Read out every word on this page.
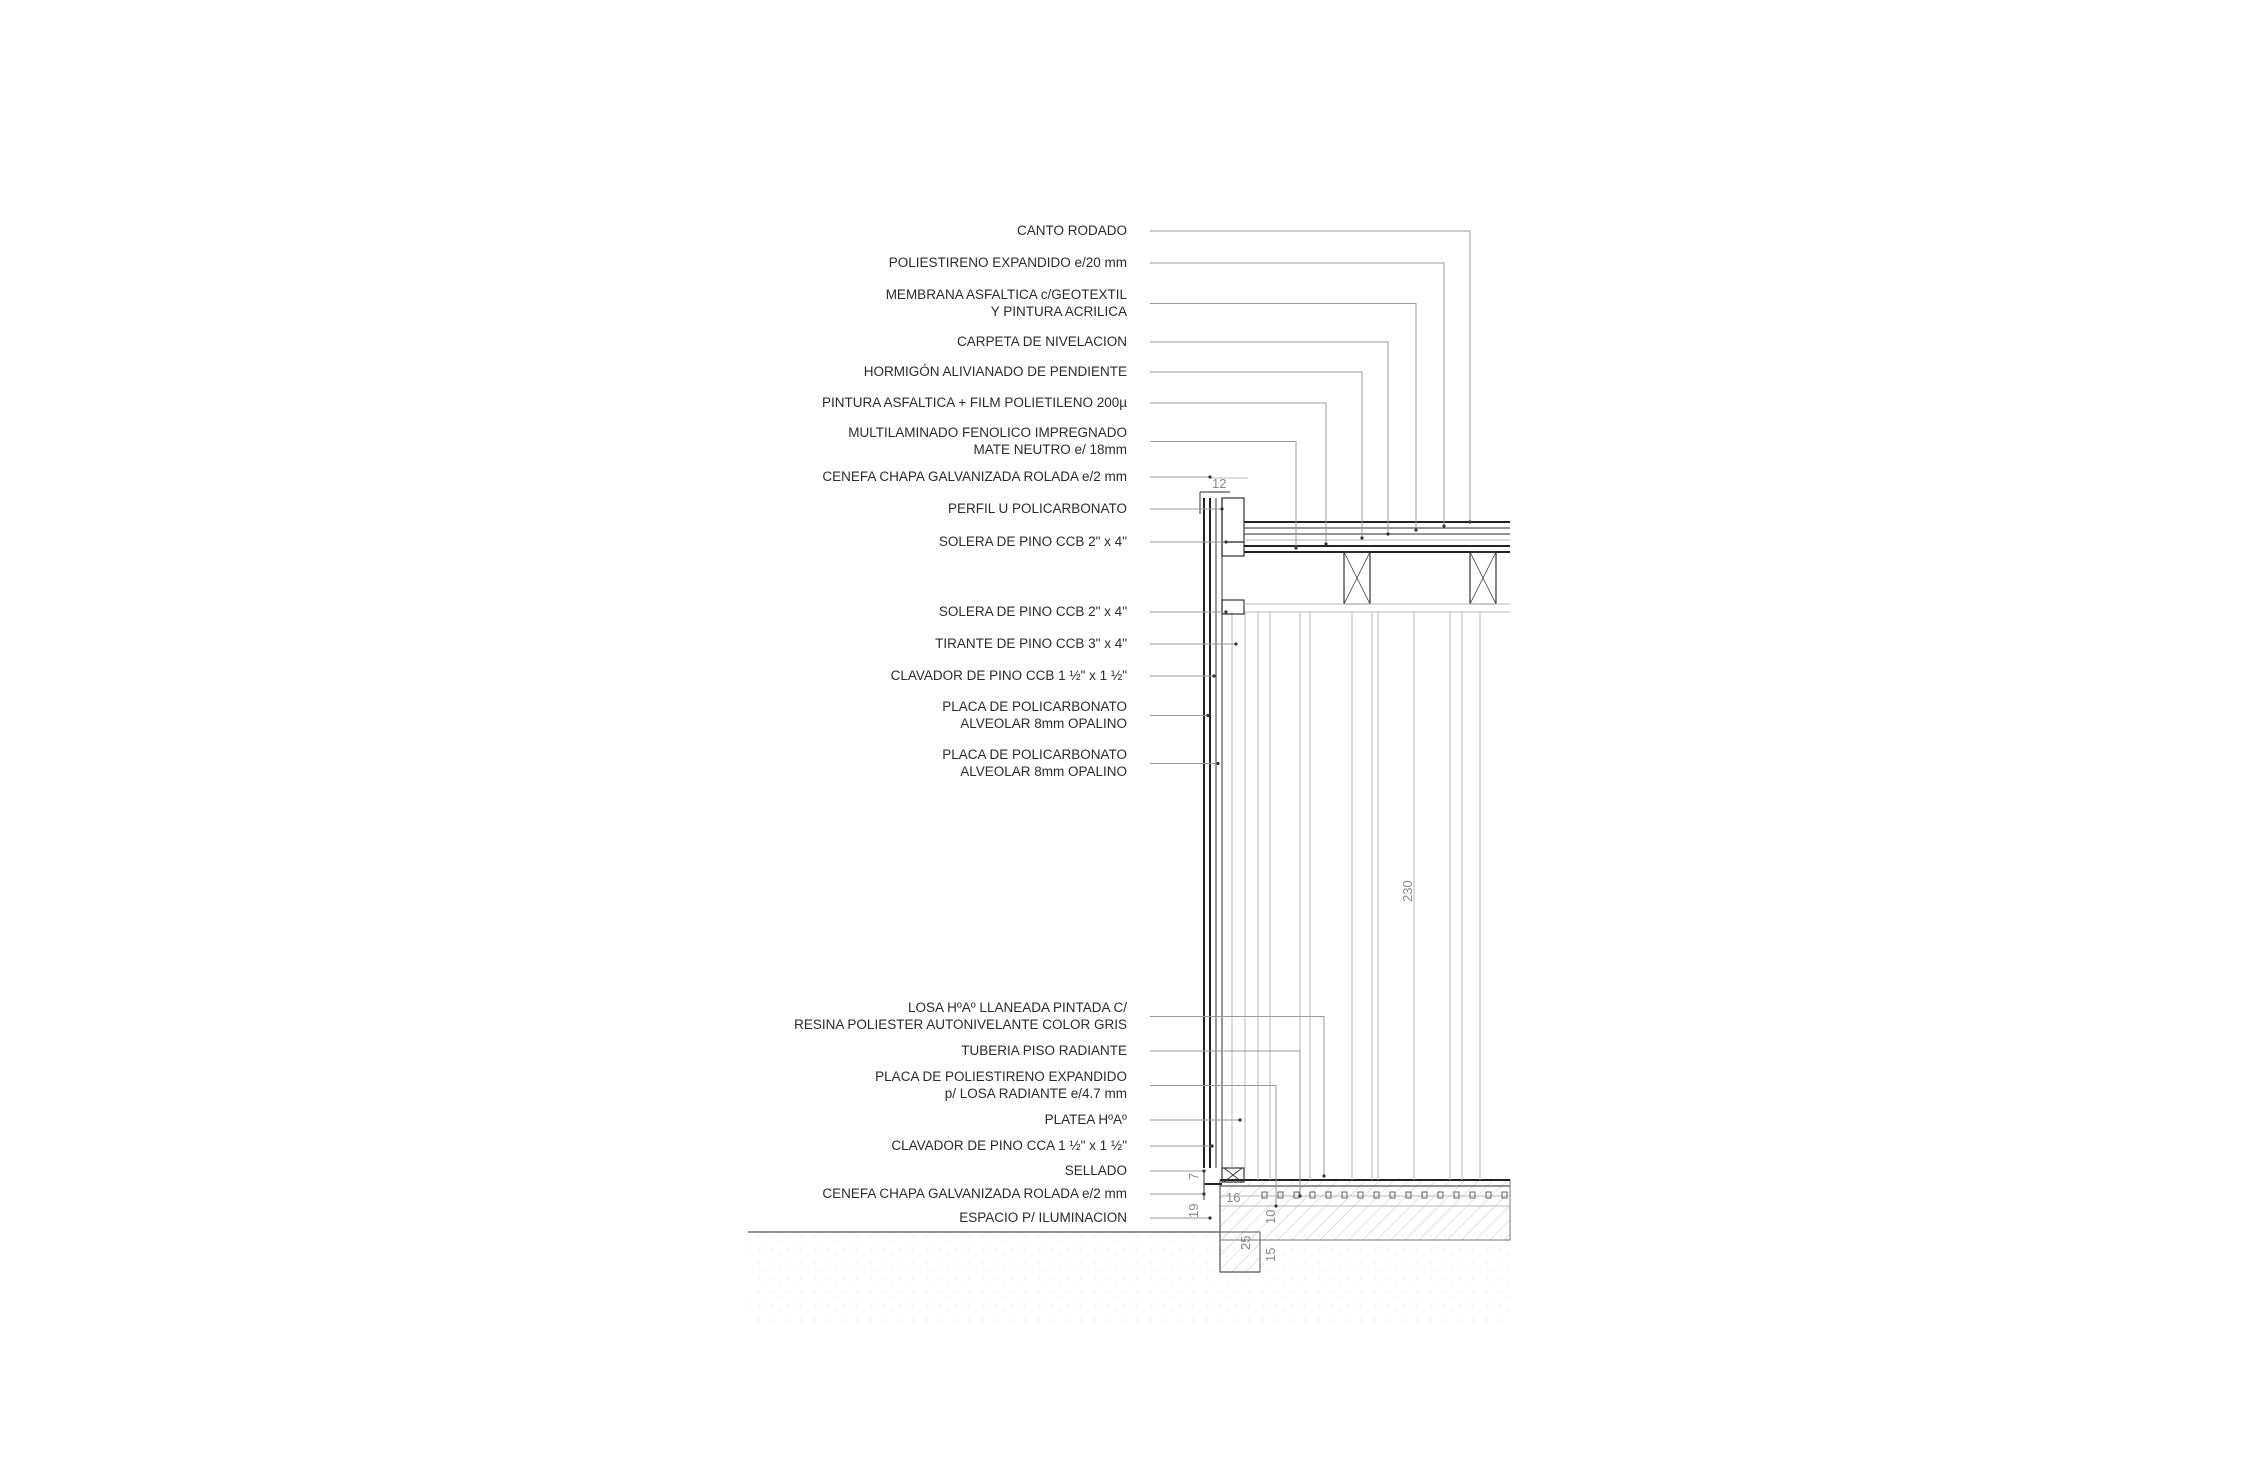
12
230
25
15
10
16
19
7
CANTO RODADO
POLIESTIRENO EXPANDIDO e/20 mm
MEMBRANA ASFALTICA c/GEOTEXTIL Y PINTURA ACRILICA
CARPETA DE NIVELACION
HORMIGÓN ALIVIANADO DE PENDIENTE
PINTURA ASFALTICA + FILM POLIETILENO 200µ
MULTILAMINADO FENOLICO IMPREGNADO MATE NEUTRO e/ 18mm
CENEFA CHAPA GALVANIZADA ROLADA e/2 mm
PERFIL U POLICARBONATO
SOLERA DE PINO CCB 2" x 4"
SOLERA DE PINO CCB 2" x 4"
TIRANTE DE PINO CCB 3" x 4"
CLAVADOR DE PINO CCB 1 ½" x 1 ½"
PLACA DE POLICARBONATO ALVEOLAR 8mm OPALINO
PLACA DE POLICARBONATO ALVEOLAR 8mm OPALINO
LOSA HºAº LLANEADA PINTADA C/ RESINA POLIESTER AUTONIVELANTE COLOR GRIS
TUBERIA PISO RADIANTE
PLACA DE POLIESTIRENO EXPANDIDO p/ LOSA RADIANTE e/4.7 mm
PLATEA HºAº
CLAVADOR DE PINO CCA 1 ½" x 1 ½"
SELLADO
CENEFA CHAPA GALVANIZADA ROLADA e/2 mm
ESPACIO P/ ILUMINACION
